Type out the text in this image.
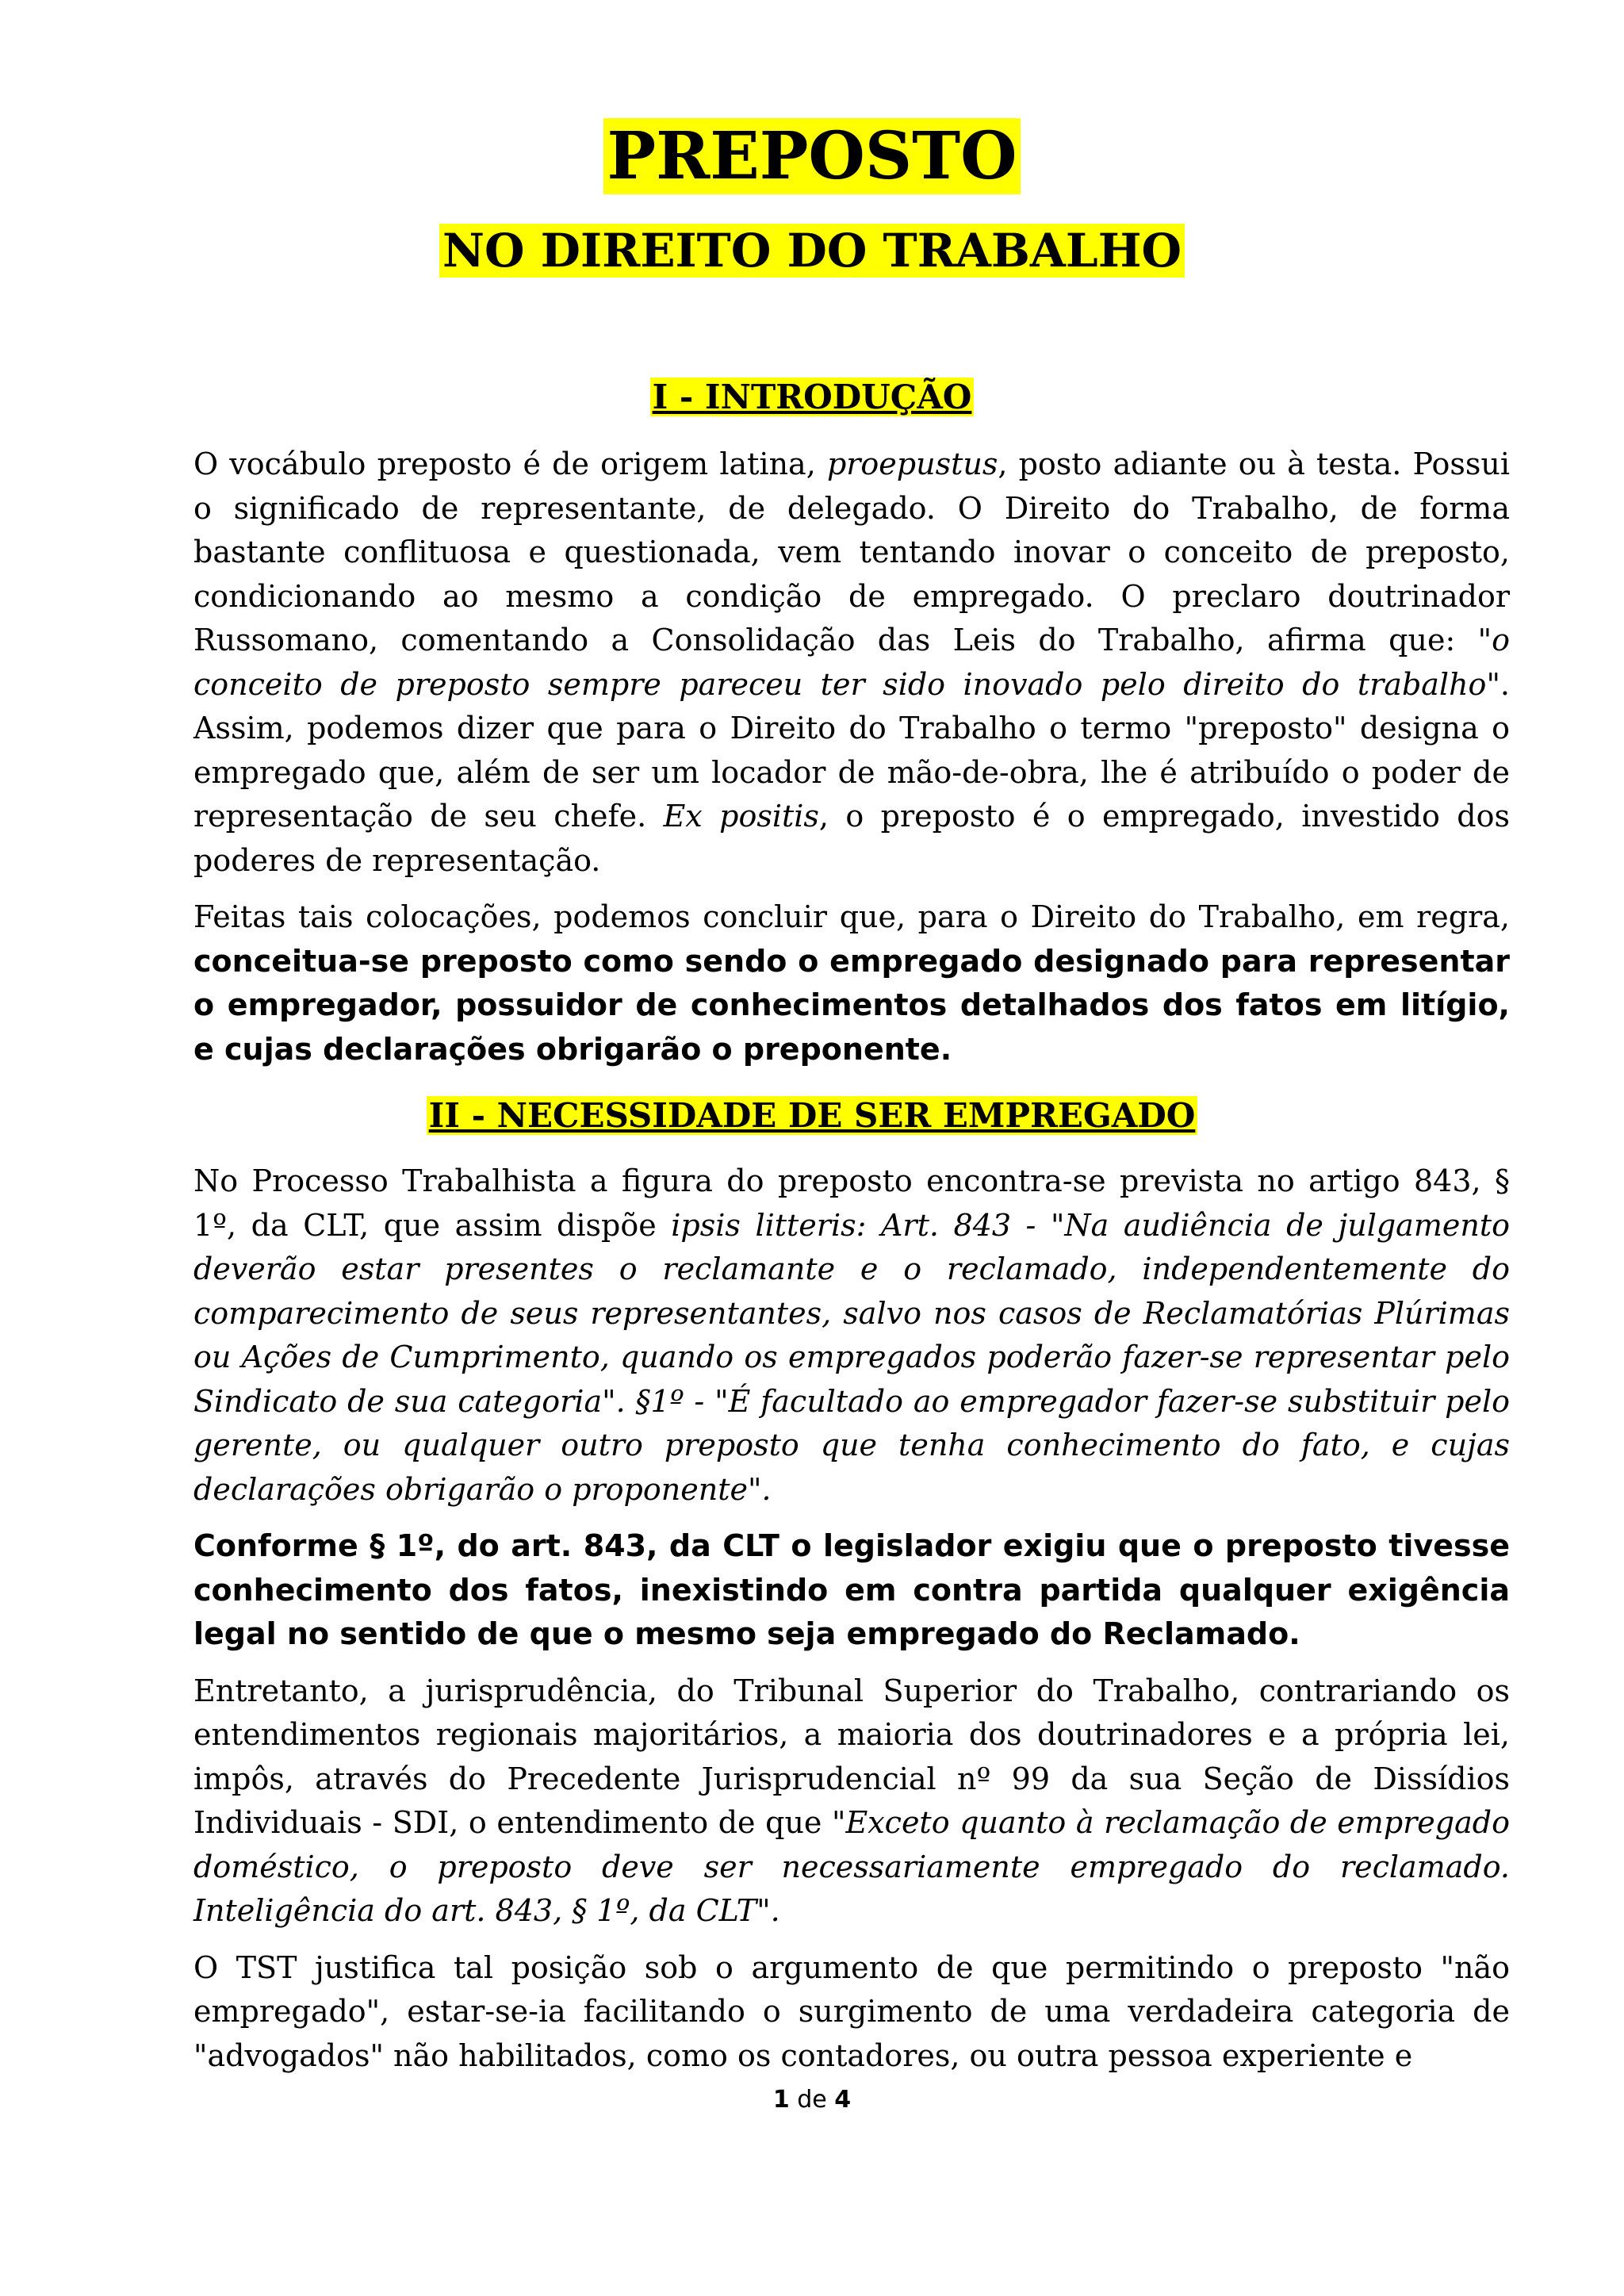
PREPOSTO
NO DIREITO DO TRABALHO
I - INTRODUÇÃO

O vocábulo preposto é de origem latina, proepustus, posto adiante ou à testa. Possui o significado de representante, de delegado. O Direito do Trabalho, de forma bastante conflituosa e questionada, vem tentando inovar o conceito de preposto, condicionando ao mesmo a condição de empregado. O preclaro doutrinador Russomano, comentando a Consolidação das Leis do Trabalho, afirma que: "o conceito de preposto sempre pareceu ter sido inovado pelo direito do trabalho". Assim, podemos dizer que para o Direito do Trabalho o termo "preposto" designa o empregado que, além de ser um locador de mão-de-obra, lhe é atribuído o poder de representação de seu chefe. Ex positis, o preposto é o empregado, investido dos poderes de representação.

Feitas tais colocações, podemos concluir que, para o Direito do Trabalho, em regra, conceitua-se preposto como sendo o empregado designado para representar o empregador, possuidor de conhecimentos detalhados dos fatos em litígio, e cujas declarações obrigarão o preponente.

II - NECESSIDADE DE SER EMPREGADO

No Processo Trabalhista a figura do preposto encontra-se prevista no artigo 843, § 1º, da CLT, que assim dispõe ipsis litteris: Art. 843 - "Na audiência de julgamento deverão estar presentes o reclamante e o reclamado, independentemente do comparecimento de seus representantes, salvo nos casos de Reclamatórias Plúrimas ou Ações de Cumprimento, quando os empregados poderão fazer-se representar pelo Sindicato de sua categoria". §1º - "É facultado ao empregador fazer-se substituir pelo gerente, ou qualquer outro preposto que tenha conhecimento do fato, e cujas declarações obrigarão o proponente".

Conforme § 1º, do art. 843, da CLT o legislador exigiu que o preposto tivesse conhecimento dos fatos, inexistindo em contra partida qualquer exigência legal no sentido de que o mesmo seja empregado do Reclamado.

Entretanto, a jurisprudência, do Tribunal Superior do Trabalho, contrariando os entendimentos regionais majoritários, a maioria dos doutrinadores e a própria lei, impôs, através do Precedente Jurisprudencial nº 99 da sua Seção de Dissídios Individuais - SDI, o entendimento de que "Exceto quanto à reclamação de empregado doméstico, o preposto deve ser necessariamente empregado do reclamado. Inteligência do art. 843, § 1º, da CLT".

O TST justifica tal posição sob o argumento de que permitindo o preposto "não empregado", estar-se-ia facilitando o surgimento de uma verdadeira categoria de "advogados" não habilitados, como os contadores, ou outra pessoa experiente e

1 de 4
